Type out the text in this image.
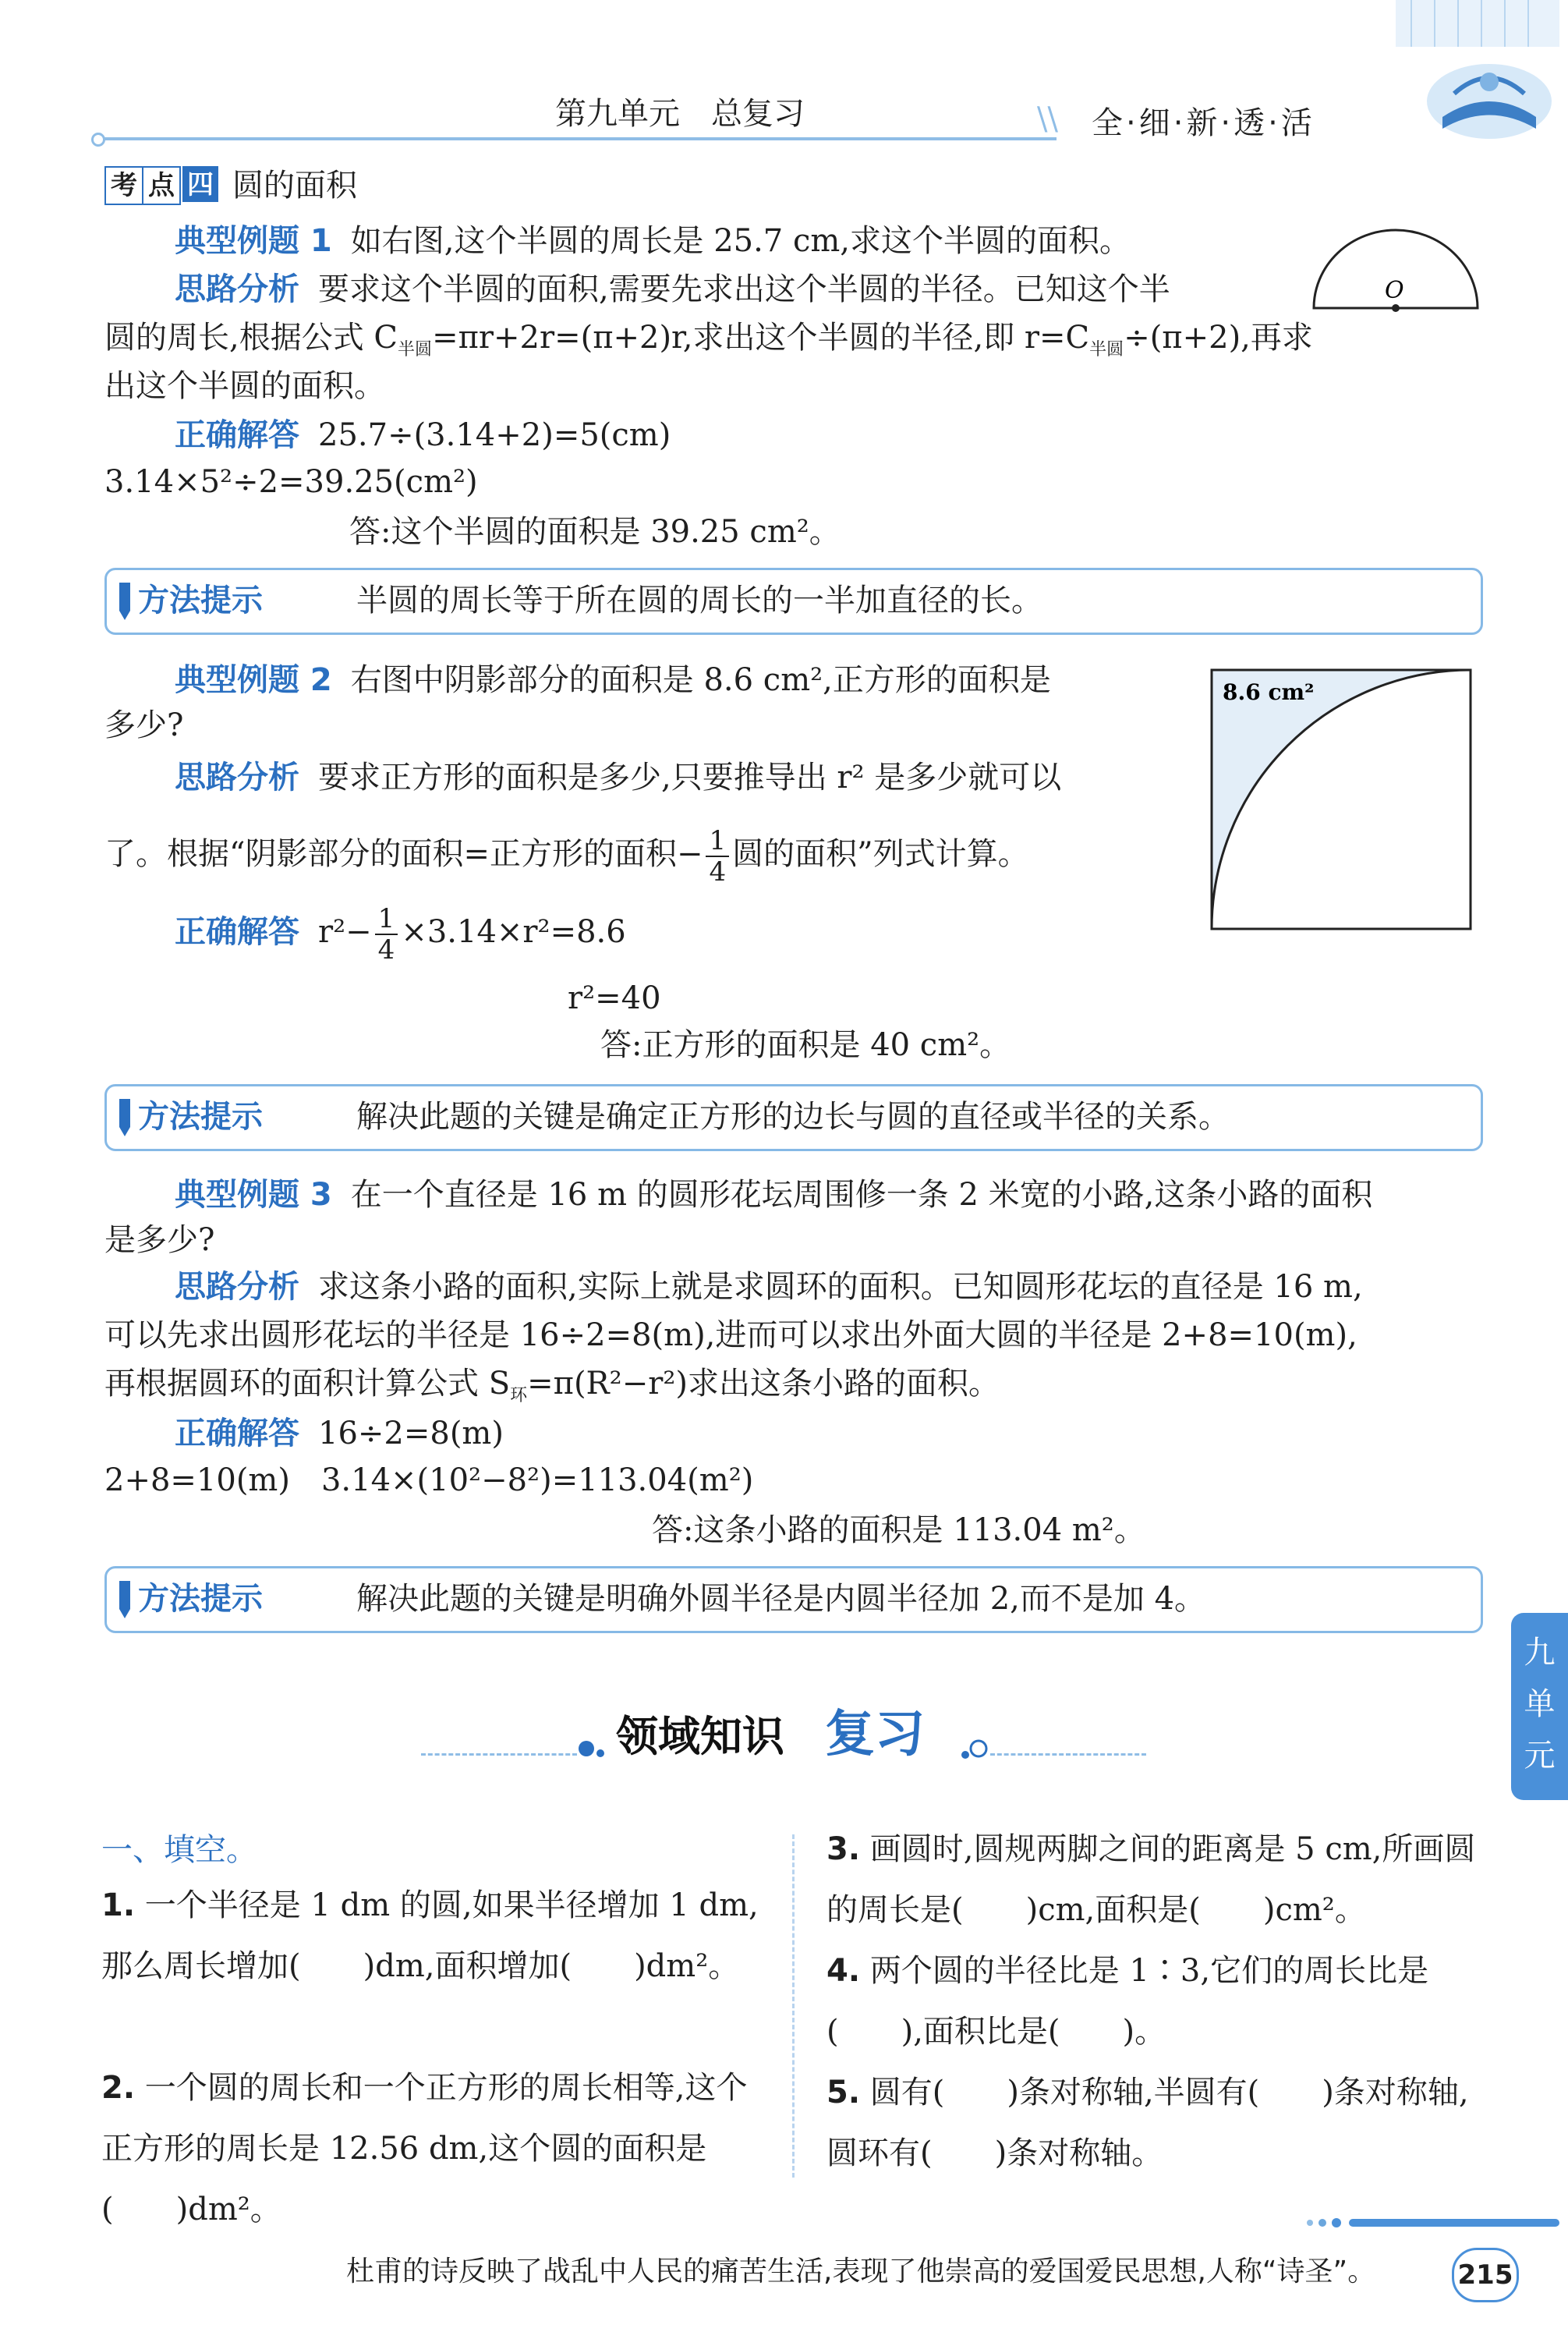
第九单元　总复习	\\ 全·细·新·透·活
考 点 四 圆的面积
典型例题 1 如右图,这个半圆的周长是 25.7 cm,求这个半圆的面积。
O
思路分析 要求这个半圆的面积,需要先求出这个半圆的半径。已知这个半
圆的周长,根据公式 $C_{半圆}=\pi r+2r=(\pi+2)r$,求出这个半圆的半径,即 $r=C_{半圆}\div(\pi+2)$,再求
出这个半圆的面积。
正确解答 25.7÷(3.14+2)=5(cm)
3.14×5²÷2=39.25(cm²)
答:这个半圆的面积是 39.25 cm²。
方法提示	半圆的周长等于所在圆的周长的一半加直径的长。
典型例题 2 右图中阴影部分的面积是 8.6 cm²,正方形的面积是
多少?
8.6 cm²
思路分析 要求正方形的面积是多少,只要推导出 r² 是多少就可以
了。根据“阴影部分的面积=正方形的面积− $\frac{1}{4}$ 圆的面积”列式计算。
正确解答 $r^2- \frac{1}{4} \times 3.14\times r^2=8.6$
r²=40
答:正方形的面积是 40 cm²。
方法提示	解决此题的关键是确定正方形的边长与圆的直径或半径的关系。
典型例题 3 在一个直径是 16 m 的圆形花坛周围修一条 2 米宽的小路,这条小路的面积
是多少?
思路分析 求这条小路的面积,实际上就是求圆环的面积。已知圆形花坛的直径是 16 m,
可以先求出圆形花坛的半径是 16÷2=8(m),进而可以求出外面大圆的半径是 2+8=10(m),
再根据圆环的面积计算公式 $S_环=\pi(R^2-r^2)$求出这条小路的面积。
正确解答 16÷2=8(m)
2+8=10(m)　3.14×(10²−8²)=113.04(m²)
答:这条小路的面积是 113.04 m²。
方法提示	解决此题的关键是明确外圆半径是内圆半径加 2,而不是加 4。
九
单
元
领域知识 复习
一、填空。
1. 一个半径是 1 dm 的圆,如果半径增加 1 dm,那么周长增加(　　)dm,面积增加(　　)dm²。
2. 一个圆的周长和一个正方形的周长相等,这个正方形的周长是 12.56 dm,这个圆的面积是(　　)dm²。
3. 画圆时,圆规两脚之间的距离是 5 cm,所画圆的周长是(　　)cm,面积是(　　)cm²。
4. 两个圆的半径比是 1∶3,它们的周长比是(　　),面积比是(　　)。
5. 圆有(　　)条对称轴,半圆有(　　)条对称轴,圆环有(　　)条对称轴。
杜甫的诗反映了战乱中人民的痛苦生活,表现了他崇高的爱国爱民思想,人称“诗圣”。	215
